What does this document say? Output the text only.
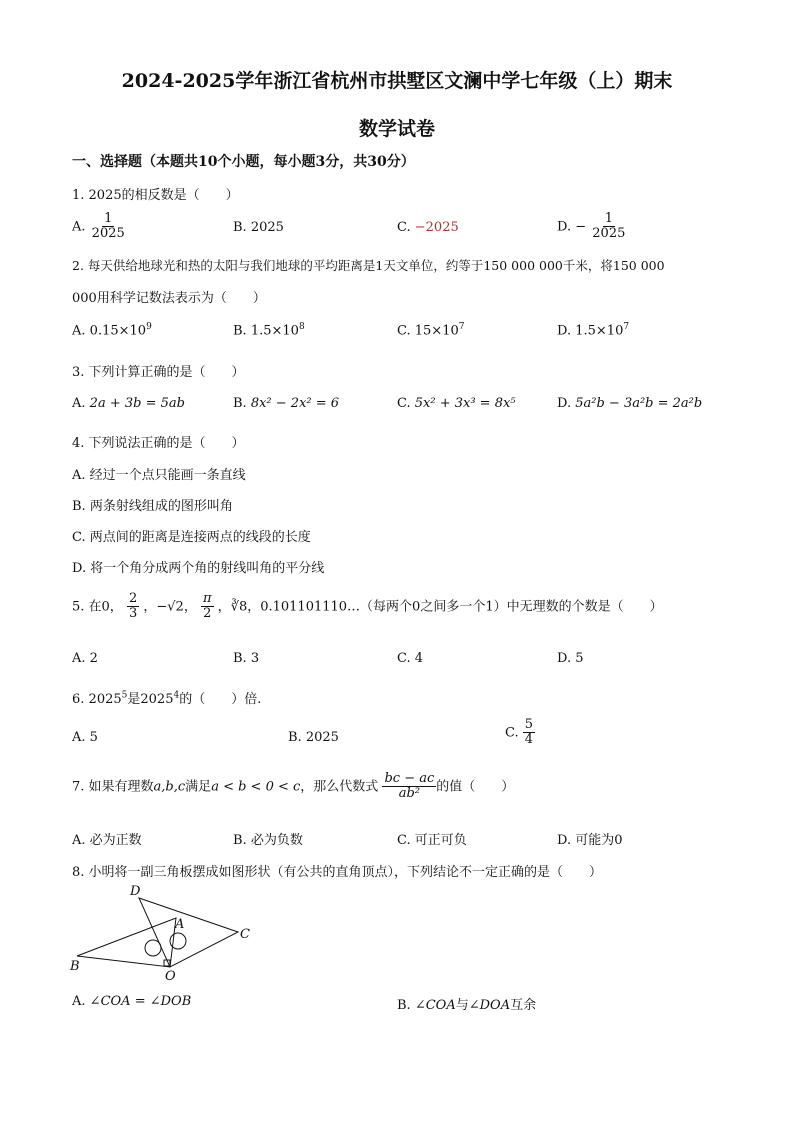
2024-2025学年浙江省杭州市拱墅区文澜中学七年级（上）期末
数学试卷
一、选择题（本题共10个小题，每小题3分，共30分）
1. 2025的相反数是（　　）
A. $\frac{1}{2025}$	B. 2025	C. −2025	D. − $\frac{1}{2025}$
2. 每天供给地球光和热的太阳与我们地球的平均距离是1天文单位，约等于150 000 000千米，将150 000
000用科学记数法表示为（　　）
A. $0.15\times 10^9$	B. $1.5\times 10^8$	C. $15\times 10^7$	D. $1.5\times 10^7$
3. 下列计算正确的是（　　）
A. 2a + 3b = 5ab	B. 8x² − 2x² = 6	C. 5x² + 3x³ = 8x⁵	D. 5a²b − 3a²b = 2a²b
4. 下列说法正确的是（　　）
A. 经过一个点只能画一条直线
B. 两条射线组成的图形叫角
C. 两点间的距离是连接两点的线段的长度
D. 将一个角分成两个角的射线叫角的平分线
5. 在0， $\frac{2}{3}$ ，−√2， $\frac{\pi}{2}$ ，∛8，0.101101110…（每两个0之间多一个1）中无理数的个数是（　　）
A. 2	B. 3	C. 4	D. 5
6. 2025$^5$是2025$^4$的（　　）倍.
A. 5	B. 2025	C. $\frac{5}{4}$
7. 如果有理数a,b,c满足a < b < 0 < c，那么代数式 $\frac{bc - ac}{\text{ab²}}$ 的值（　　）
A. 必为正数	B. 必为负数	C. 可正可负	D. 可能为0
8. 小明将一副三角板摆成如图形状（有公共的直角顶点），下列结论不一定正确的是（　　）
D
A
C
B
O
A. ∠COA = ∠DOB	B. ∠COA与∠DOA互余
